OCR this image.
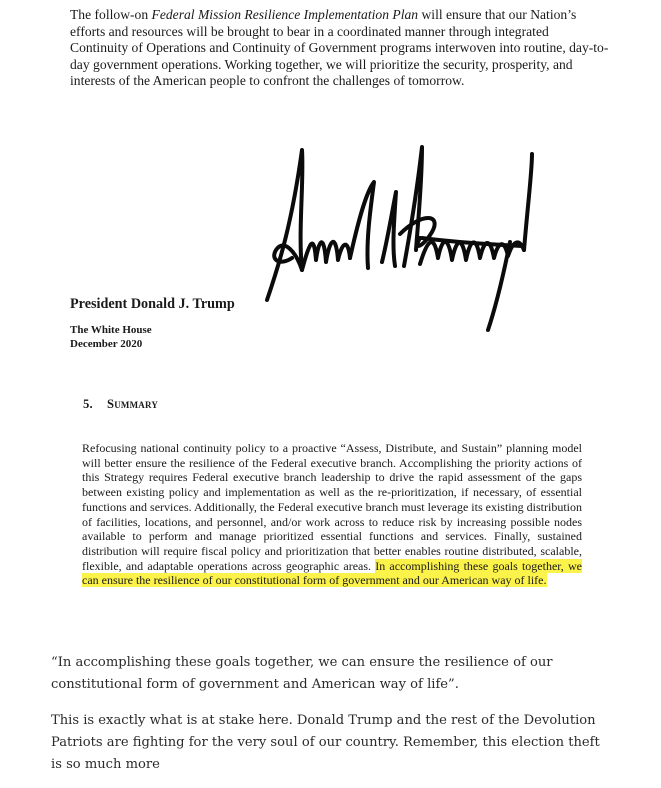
The follow-on Federal Mission Resilience Implementation Plan will ensure that our Nation’s efforts and resources will be brought to bear in a coordinated manner through integrated Continuity of Operations and Continuity of Government programs interwoven into routine, day-to-day government operations. Working together, we will prioritize the security, prosperity, and interests of the American people to confront the challenges of tomorrow.

President Donald J. Trump

The White House
December 2020

5. Summary

Refocusing national continuity policy to a proactive “Assess, Distribute, and Sustain” planning model will better ensure the resilience of the Federal executive branch. Accomplishing the priority actions of this Strategy requires Federal executive branch leadership to drive the rapid assessment of the gaps between existing policy and implementation as well as the re-prioritization, if necessary, of essential functions and services. Additionally, the Federal executive branch must leverage its existing distribution of facilities, locations, and personnel, and/or work across to reduce risk by increasing possible nodes available to perform and manage prioritized essential functions and services. Finally, sustained distribution will require fiscal policy and prioritization that better enables routine distributed, scalable, flexible, and adaptable operations across geographic areas. In accomplishing these goals together, we can ensure the resilience of our constitutional form of government and our American way of life.

“In accomplishing these goals together, we can ensure the resilience of our constitutional form of government and American way of life”.

This is exactly what is at stake here. Donald Trump and the rest of the Devolution Patriots are fighting for the very soul of our country. Remember, this election theft is so much more
